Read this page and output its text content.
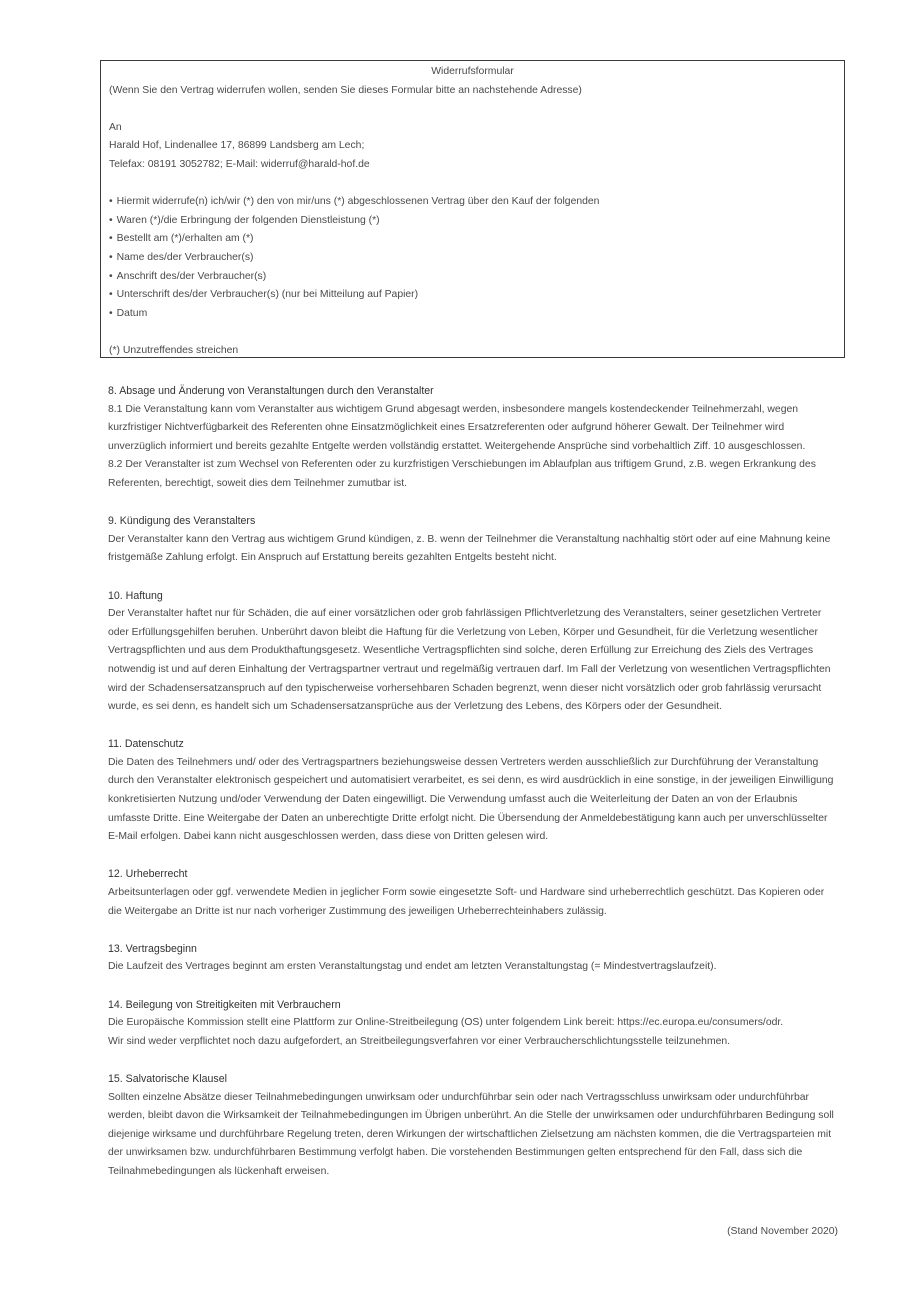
Widerrufsformular
(Wenn Sie den Vertrag widerrufen wollen, senden Sie dieses Formular bitte an nachstehende Adresse)
An
Harald Hof, Lindenallee 17, 86899 Landsberg am Lech;
Telefax: 08191 3052782; E-Mail: widerruf@harald-hof.de
• Hiermit widerrufe(n) ich/wir (*) den von mir/uns (*) abgeschlossenen Vertrag über den Kauf der folgenden
• Waren (*)/die Erbringung der folgenden Dienstleistung (*)
• Bestellt am (*)/erhalten am (*)
• Name des/der Verbraucher(s)
• Anschrift des/der Verbraucher(s)
• Unterschrift des/der Verbraucher(s) (nur bei Mitteilung auf Papier)
• Datum
(*) Unzutreffendes streichen
8. Absage und Änderung von Veranstaltungen durch den Veranstalter

8.1 Die Veranstaltung kann vom Veranstalter aus wichtigem Grund abgesagt werden, insbesondere mangels kostendeckender Teilnehmerzahl, wegen kurzfristiger Nichtverfügbarkeit des Referenten ohne Einsatzmöglichkeit eines Ersatzreferenten oder aufgrund höherer Gewalt. Der Teilnehmer wird unverzüglich informiert und bereits gezahlte Entgelte werden vollständig erstattet. Weitergehende Ansprüche sind vorbehaltlich Ziff. 10 ausgeschlossen.

8.2 Der Veranstalter ist zum Wechsel von Referenten oder zu kurzfristigen Verschiebungen im Ablaufplan aus triftigem Grund, z.B. wegen Erkrankung des Referenten, berechtigt, soweit dies dem Teilnehmer zumutbar ist.

9. Kündigung des Veranstalters

Der Veranstalter kann den Vertrag aus wichtigem Grund kündigen, z. B. wenn der Teilnehmer die Veranstaltung nachhaltig stört oder auf eine Mahnung keine fristgemäße Zahlung erfolgt. Ein Anspruch auf Erstattung bereits gezahlten Entgelts besteht nicht.

10. Haftung

Der Veranstalter haftet nur für Schäden, die auf einer vorsätzlichen oder grob fahrlässigen Pflichtverletzung des Veranstalters, seiner gesetzlichen Vertreter oder Erfüllungsgehilfen beruhen. Unberührt davon bleibt die Haftung für die Verletzung von Leben, Körper und Gesundheit, für die Verletzung wesentlicher Vertragspflichten und aus dem Produkthaftungsgesetz. Wesentliche Vertragspflichten sind solche, deren Erfüllung zur Erreichung des Ziels des Vertrages notwendig ist und auf deren Einhaltung der Vertragspartner vertraut und regelmäßig vertrauen darf. Im Fall der Verletzung von wesentlichen Vertragspflichten wird der Schadensersatzanspruch auf den typischerweise vorhersehbaren Schaden begrenzt, wenn dieser nicht vorsätzlich oder grob fahrlässig verursacht wurde, es sei denn, es handelt sich um Schadensersatzansprüche aus der Verletzung des Lebens, des Körpers oder der Gesundheit.

11. Datenschutz

Die Daten des Teilnehmers und/ oder des Vertragspartners beziehungsweise dessen Vertreters werden ausschließlich zur Durchführung der Veranstaltung durch den Veranstalter elektronisch gespeichert und automatisiert verarbeitet, es sei denn, es wird ausdrücklich in eine sonstige, in der jeweiligen Einwilligung konkretisierten Nutzung und/oder Verwendung der Daten eingewilligt. Die Verwendung umfasst auch die Weiterleitung der Daten an von der Erlaubnis umfasste Dritte. Eine Weitergabe der Daten an unberechtigte Dritte erfolgt nicht. Die Übersendung der Anmeldebestätigung kann auch per unverschlüsselter E-Mail erfolgen. Dabei kann nicht ausgeschlossen werden, dass diese von Dritten gelesen wird.

12. Urheberrecht

Arbeitsunterlagen oder ggf. verwendete Medien in jeglicher Form sowie eingesetzte Soft- und Hardware sind urheberrechtlich geschützt. Das Kopieren oder die Weitergabe an Dritte ist nur nach vorheriger Zustimmung des jeweiligen Urheberrechteinhabers zulässig.

13. Vertragsbeginn

Die Laufzeit des Vertrages beginnt am ersten Veranstaltungstag und endet am letzten Veranstaltungstag (= Mindestvertragslaufzeit).

14. Beilegung von Streitigkeiten mit Verbrauchern

Die Europäische Kommission stellt eine Plattform zur Online-Streitbeilegung (OS) unter folgendem Link bereit: https://ec.europa.eu/consumers/odr.

Wir sind weder verpflichtet noch dazu aufgefordert, an Streitbeilegungsverfahren vor einer Verbraucherschlichtungsstelle teilzunehmen.

15. Salvatorische Klausel

Sollten einzelne Absätze dieser Teilnahmebedingungen unwirksam oder undurchführbar sein oder nach Vertragsschluss unwirksam oder undurchführbar werden, bleibt davon die Wirksamkeit der Teilnahmebedingungen im Übrigen unberührt. An die Stelle der unwirksamen oder undurchführbaren Bedingung soll diejenige wirksame und durchführbare Regelung treten, deren Wirkungen der wirtschaftlichen Zielsetzung am nächsten kommen, die die Vertragsparteien mit der unwirksamen bzw. undurchführbaren Bestimmung verfolgt haben. Die vorstehenden Bestimmungen gelten entsprechend für den Fall, dass sich die Teilnahmebedingungen als lückenhaft erweisen.

(Stand November 2020)
